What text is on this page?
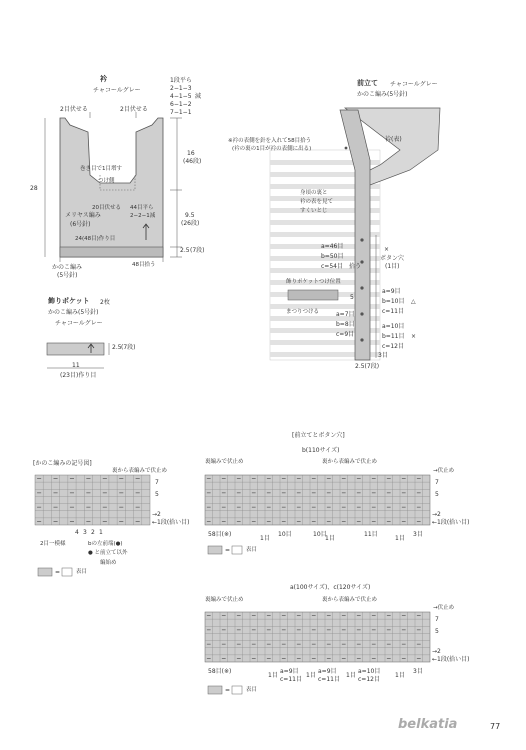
衿
チャコールグレー
2目伏せる	2目伏せる
1段平ら
2−1−3
4−1−5
6−1−2
7−1−1
減
16
(46段)
28
巻き目で1目増す
つけ側
20目伏せる 44目平ら
2−2−1減
メリヤス編み
(6号針)
24(48目)作り目
9.5
(26段)
2.5 (7段)
48目拾う
かのこ編み
(5号針)
飾りポケット 2枚
かのこ編み(5号針)
チャコールグレー
2.5 (7段)
11
(23目)作り目
前立て チャコールグレー
かのこ編み(5号針)
衿(表)
※衿の表側を針を入れて58目拾う
(衿の裏の1目が衿の表側に出る)
身頃の裏と
衿の表を見て
すくいとじ
a=46目
b=50目
c=54目 拾う
ボタン穴
(1目)
×
飾りポケットつけ位置
5
まつりつける	a=7目
b=8目
c=9目
a=9目
b=10目
c=11目
△
a=10目
b=11目
c=12目
×
3目
2.5(7段)
[かのこ編みの記号図]
裏から表編みで伏止め
7
5
→2
←1段(拾い目)
4 3 2 1
2目一模様	bの左前端(●)
● と前立て以外
編始め
=	表目
[前立てとボタン穴]
b(110サイズ)
裏編みで伏止め	裏から表編みで伏止め
→伏止め
7
5
→2
←1段(拾い目)
58目(※)
1目
10目
1目
10目	11目
1目
3目
=	表目
a(100サイズ)、c(120サイズ)
裏編みで伏止め	裏から表編みで伏止め
→伏止め
7
5
→2
←1段(拾い目)
58目(※)
1目
a=9目
c=11目
1目
a=9目
c=11目
1目
a=10目
c=12目
1目
3目
=	表目
belkatia	77
